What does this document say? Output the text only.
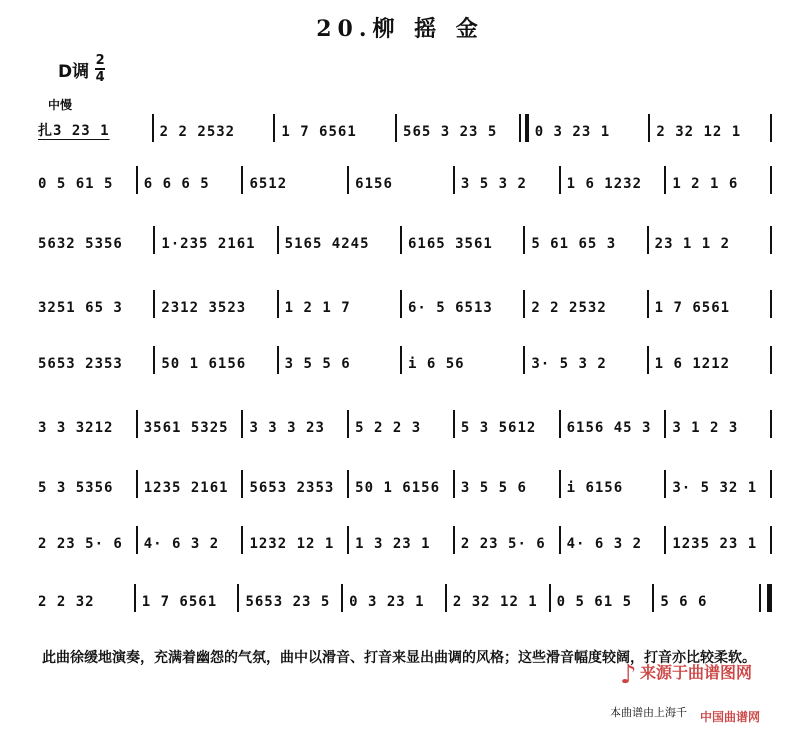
20.柳 摇 金
D调
2
4
中慢
扎3 23 1	2 2 2532	1 7 6561	565 3 23 5	0 3 23 1	2 32 12 1
0 5 61 5	6 6 6 5	6512	6156	3 5 3 2	1 6 1232	1 2 1 6
5632 5356	1·235 2161	5165 4245	6165 3561	5 61 65 3	23 1 1 2
3251 65 3	2312 3523	1 2 1 7	6· 5 6513	2 2 2532	1 7 6561
5653 2353	50 1 6156	3 5 5 6	i 6 56	3· 5 3 2	1 6 1212
3 3 3212	3561 5325	3 3 3 23	5 2 2 3	5 3 5612	6156 45 3	3 1 2 3
5 3 5356	1235 2161	5653 2353	50 1 6156	3 5 5 6	i 6156	3· 5 32 1
2 23 5· 6	4· 6 3 2	1232 12 1	1 3 23 1	2 23 5· 6	4· 6 3 2	1235 23 1
2 2 32	1 7 6561	5653 23 5	0 3 23 1	2 32 12 1	0 5 61 5	5 6 6
此曲徐缓地演奏，充满着幽怨的气氛，曲中以滑音、打音来显出曲调的风格；这些滑音幅度较阔，打音亦比较柔软。
♪ 来源于曲谱图网
本曲谱由上海千 中国曲谱网
